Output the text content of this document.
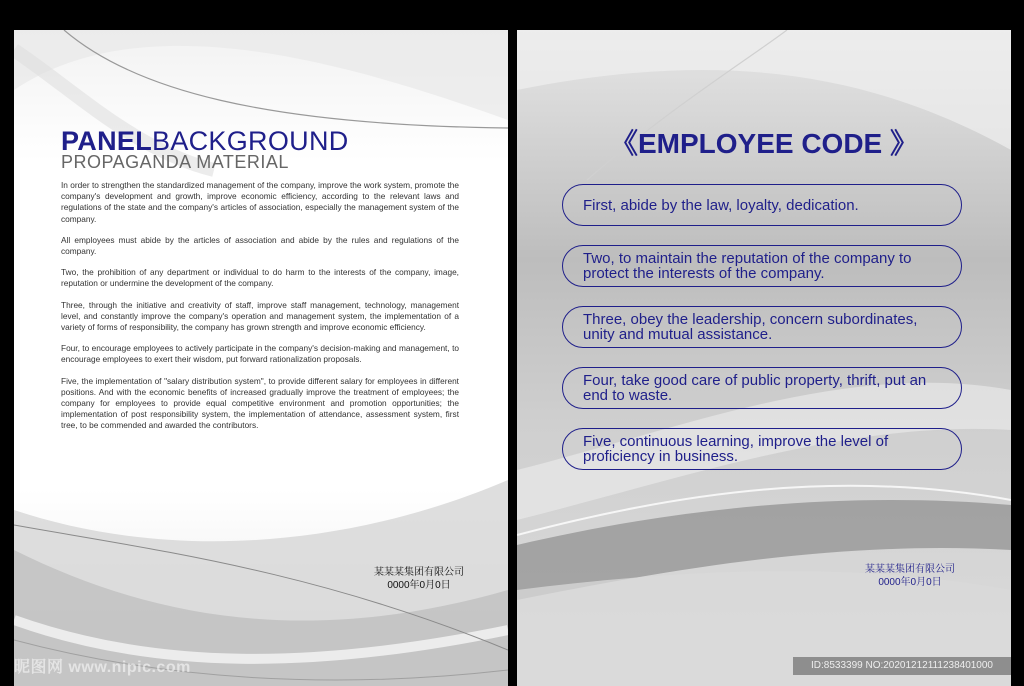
PANELBACKGROUND
PROPAGANDA MATERIAL

In order to strengthen the standardized management of the company, improve the work system, promote the company's development and growth, improve economic efficiency, according to the relevant laws and regulations of the state and the company's articles of association, especially the management system of the company.

All employees must abide by the articles of association and abide by the rules and regulations of the company.

Two, the prohibition of any department or individual to do harm to the interests of the company, image, reputation or undermine the development of the company.

Three, through the initiative and creativity of staff, improve staff management, technology, management level, and constantly improve the company's operation and management system, the implementation of a variety of forms of responsibility, the company has grown strength and improve economic efficiency.

Four, to encourage employees to actively participate in the company's decision-making and management, to encourage employees to exert their wisdom, put forward rationalization proposals.

Five, the implementation of "salary distribution system", to provide different salary for employees in different positions. And with the economic benefits of increased gradually improve the treatment of employees; the company for employees to provide equal competitive environment and promotion opportunities; the implementation of post responsibility system, the implementation of attendance, assessment system, first tree, to be commended and awarded the contributors.

某某某集团有限公司
0000年0月0日
《EMPLOYEE CODE 》
First, abide by the law, loyalty, dedication.
Two, to maintain the reputation of the company to protect the interests of the company.
Three, obey the leadership, concern subordinates, unity and mutual assistance.
Four, take good care of public property, thrift, put an end to waste.
Five, continuous learning, improve the level of proficiency in business.
某某某集团有限公司
0000年0月0日
昵图网 www.nipic.com	ID:8533399 NO:20201212111238401000
